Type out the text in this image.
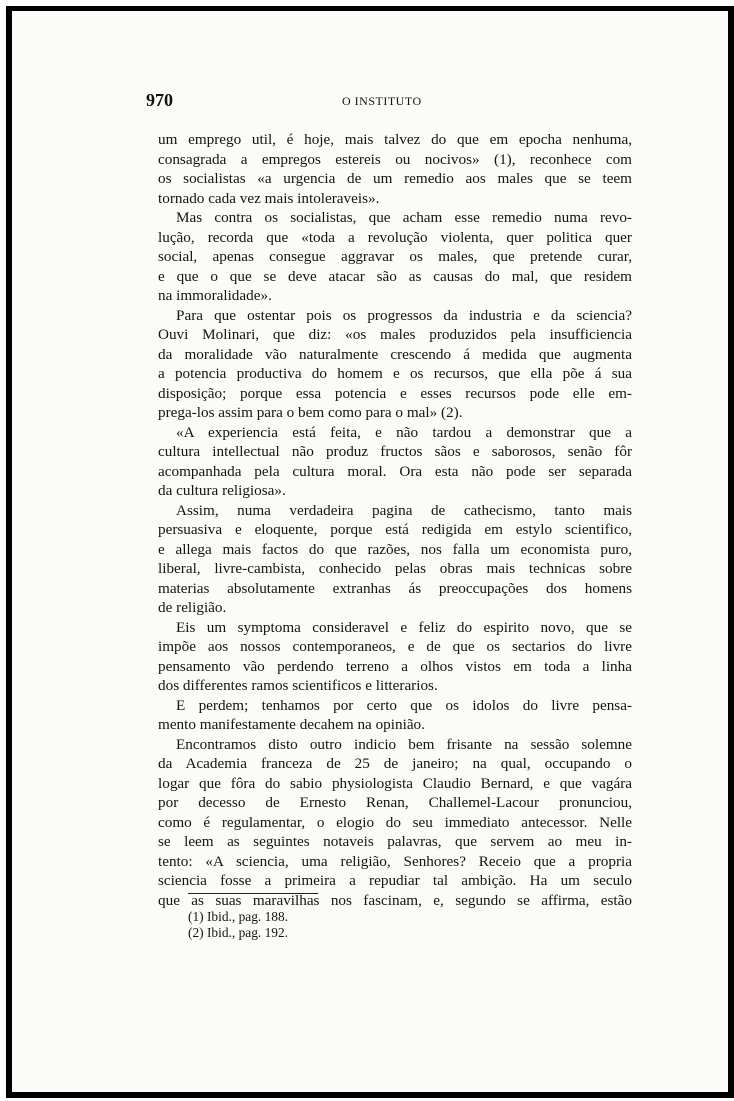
970	O INSTITUTO
um emprego util, é hoje, mais talvez do que em epocha nenhuma,
consagrada a empregos estereis ou nocivos» (1), reconhece com
os socialistas «a urgencia de um remedio aos males que se teem
tornado cada vez mais intoleraveis».
Mas contra os socialistas, que acham esse remedio numa revo-
lução, recorda que «toda a revolução violenta, quer politica quer
social, apenas consegue aggravar os males, que pretende curar,
e que o que se deve atacar são as causas do mal, que residem
na immoralidade».
Para que ostentar pois os progressos da industria e da sciencia?
Ouvi Molinari, que diz: «os males produzidos pela insufficiencia
da moralidade vão naturalmente crescendo á medida que augmenta
a potencia productiva do homem e os recursos, que ella põe á sua
disposição; porque essa potencia e esses recursos pode elle em-
prega-los assim para o bem como para o mal» (2).
«A experiencia está feita, e não tardou a demonstrar que a
cultura intellectual não produz fructos sãos e saborosos, senão fôr
acompanhada pela cultura moral. Ora esta não pode ser separada
da cultura religiosa».
Assim, numa verdadeira pagina de cathecismo, tanto mais
persuasiva e eloquente, porque está redigida em estylo scientifico,
e allega mais factos do que razões, nos falla um economista puro,
liberal, livre-cambista, conhecido pelas obras mais technicas sobre
materias absolutamente extranhas ás preoccupações dos homens
de religião.
Eis um symptoma consideravel e feliz do espirito novo, que se
impõe aos nossos contemporaneos, e de que os sectarios do livre
pensamento vão perdendo terreno a olhos vistos em toda a linha
dos differentes ramos scientificos e litterarios.
E perdem; tenhamos por certo que os idolos do livre pensa-
mento manifestamente decahem na opinião.
Encontramos disto outro indicio bem frisante na sessão solemne
da Academia franceza de 25 de janeiro; na qual, occupando o
logar que fôra do sabio physiologista Claudio Bernard, e que vagára
por decesso de Ernesto Renan, Challemel-Lacour pronunciou,
como é regulamentar, o elogio do seu immediato antecessor. Nelle
se leem as seguintes notaveis palavras, que servem ao meu in-
tento: «A sciencia, uma religião, Senhores? Receio que a propria
sciencia fosse a primeira a repudiar tal ambição. Ha um seculo
que as suas maravilhas nos fascinam, e, segundo se affirma, estão
(1) Ibid., pag. 188.
(2) Ibid., pag. 192.
